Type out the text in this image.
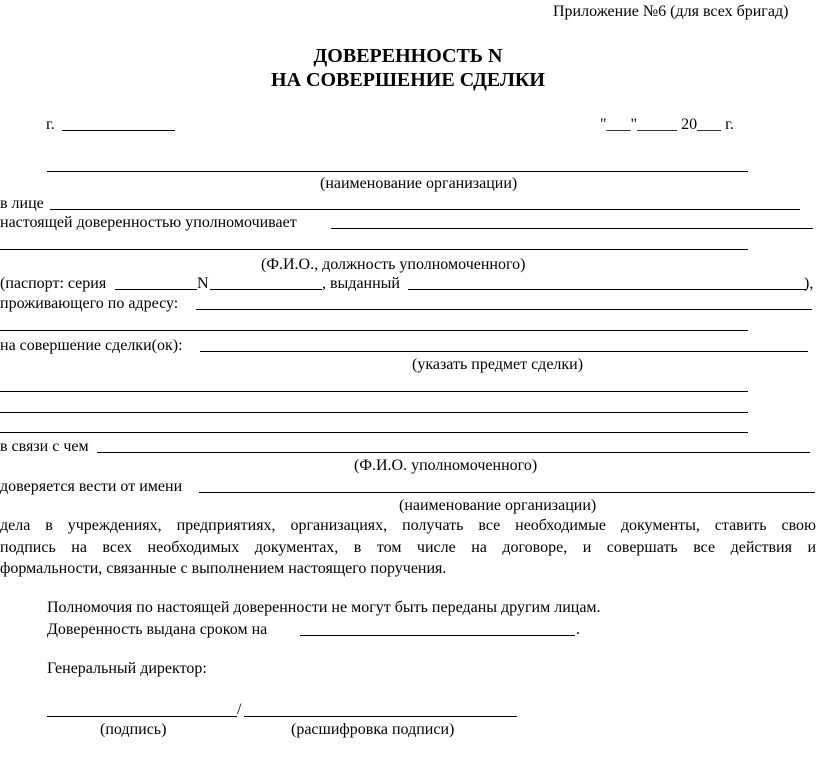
Приложение №6 (для всех бригад)
ДОВЕРЕННОСТЬ N
НА СОВЕРШЕНИЕ СДЕЛКИ
г.	"___"_____ 20___ г.
(наименование организации)
в лице
настоящей доверенностью уполномочивает
(Ф.И.О., должность уполномоченного)
(паспорт: серия	N	, выданный	),
проживающего по адресу:
на совершение сделки(ок):
(указать предмет сделки)
в связи с чем
(Ф.И.О. уполномоченного)
доверяется вести от имени
(наименование организации)
дела в учреждениях, предприятиях, организациях, получать все необходимые документы, ставить свою
подпись на всех необходимых документах, в том числе на договоре, и совершать все действия и
формальности, связанные с выполнением настоящего поручения.
Полномочия по настоящей доверенности не могут быть переданы другим лицам.
Доверенность выдана сроком на	.
Генеральный директор:
/
(подпись)	(расшифровка подписи)
